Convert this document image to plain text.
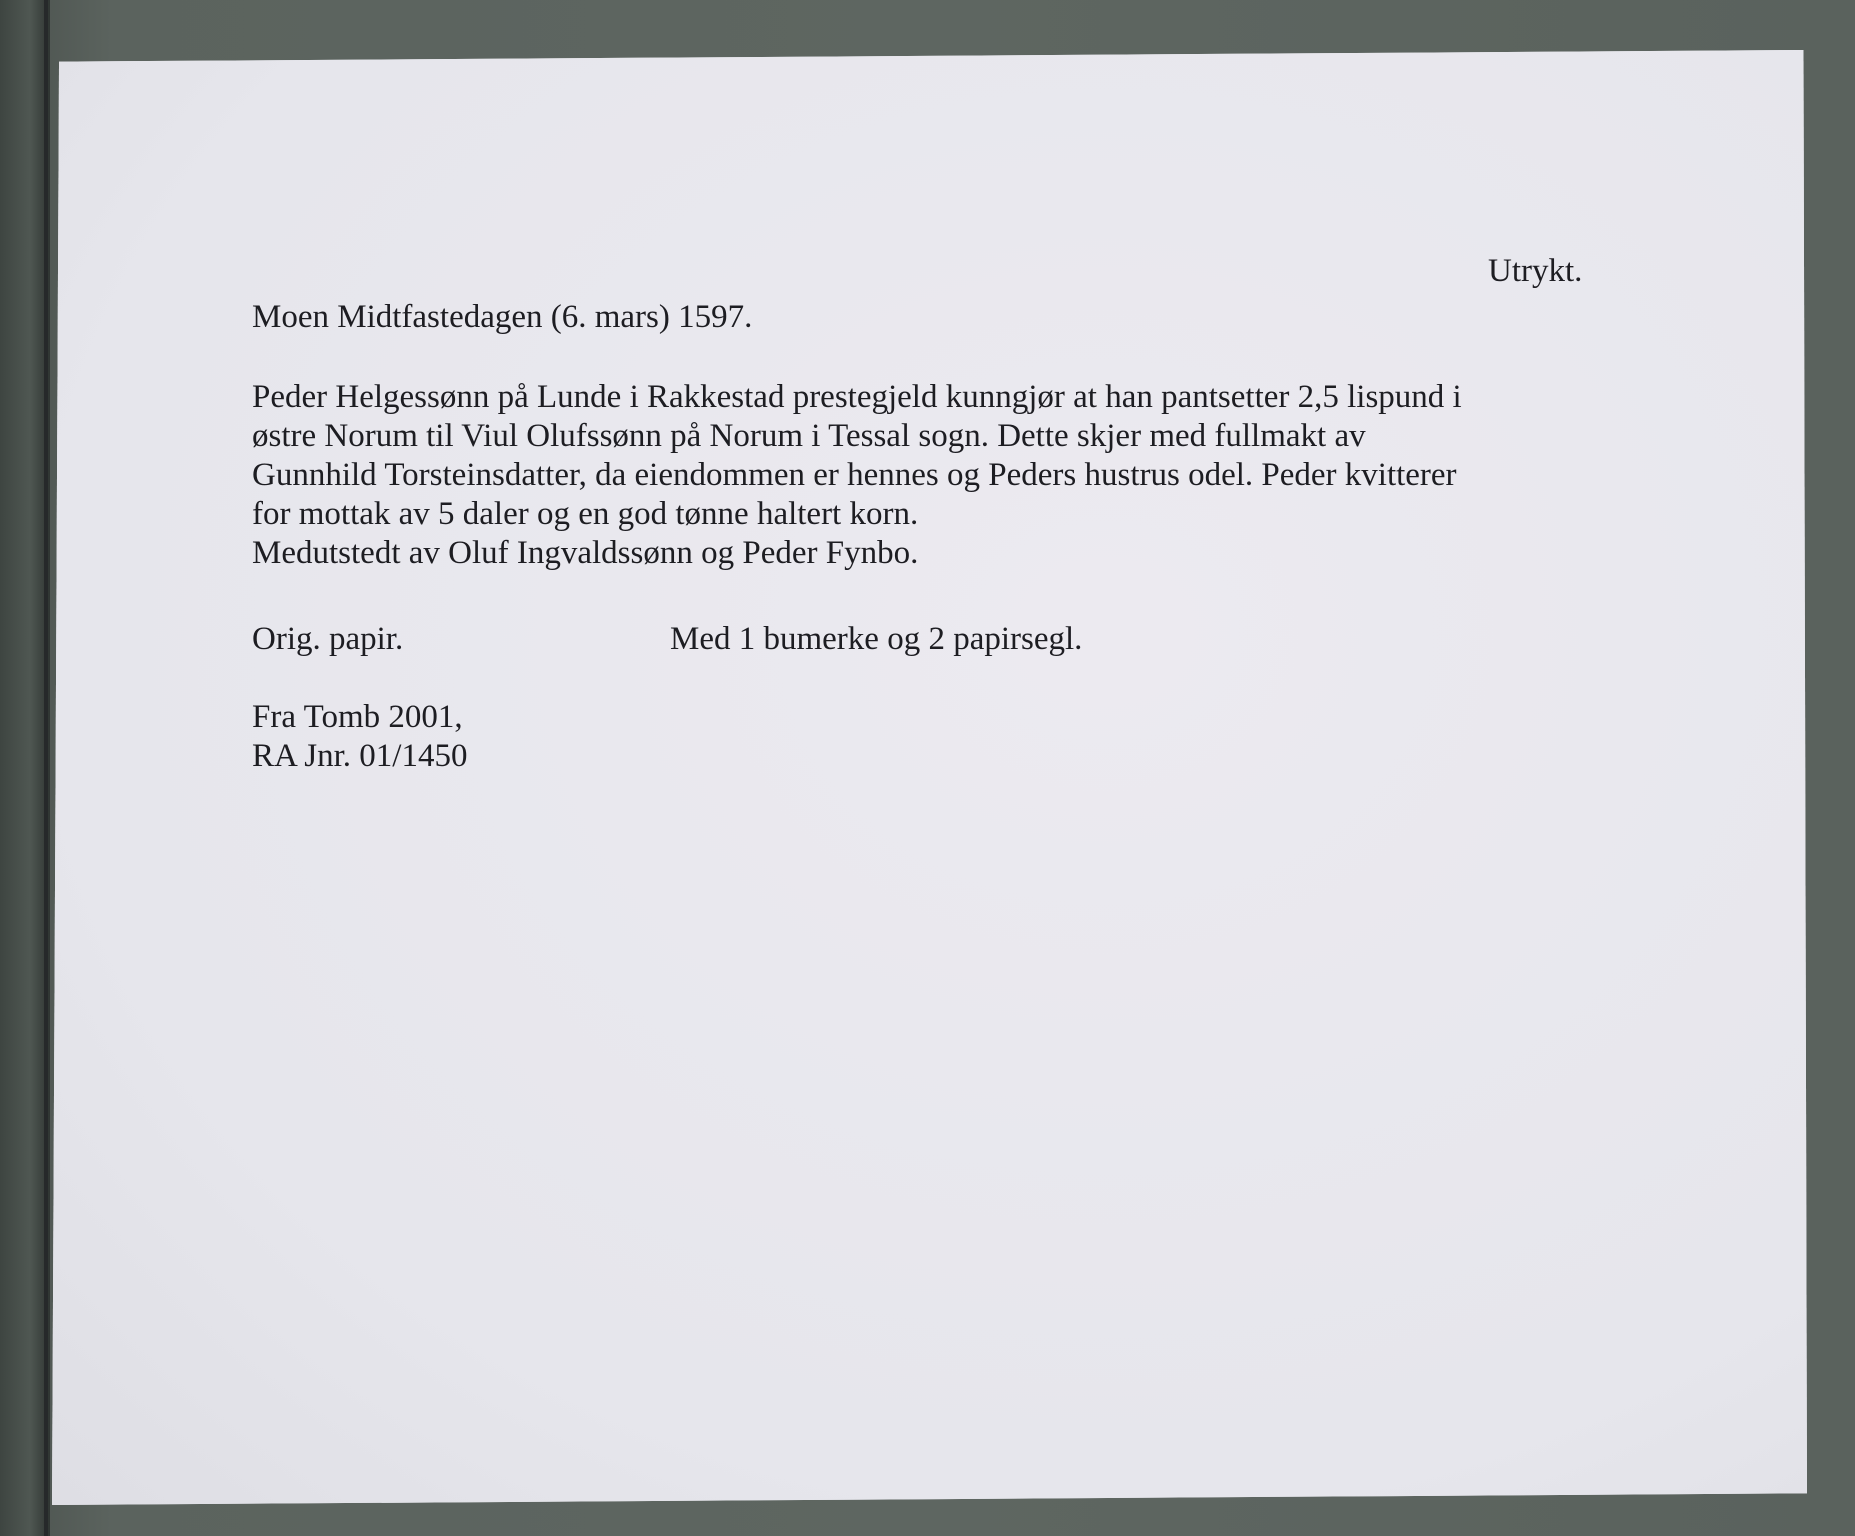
Utrykt.
Moen Midtfastedagen (6. mars) 1597.
Peder Helgessønn på Lunde i Rakkestad prestegjeld kunngjør at han pantsetter 2,5 lispund i
østre Norum til Viul Olufssønn på Norum i Tessal sogn. Dette skjer med fullmakt av
Gunnhild Torsteinsdatter, da eiendommen er hennes og Peders hustrus odel. Peder kvitterer
for mottak av 5 daler og en god tønne haltert korn.
Medutstedt av Oluf Ingvaldssønn og Peder Fynbo.
Orig. papir.	Med 1 bumerke og 2 papirsegl.
Fra Tomb 2001,
RA Jnr. 01/1450
